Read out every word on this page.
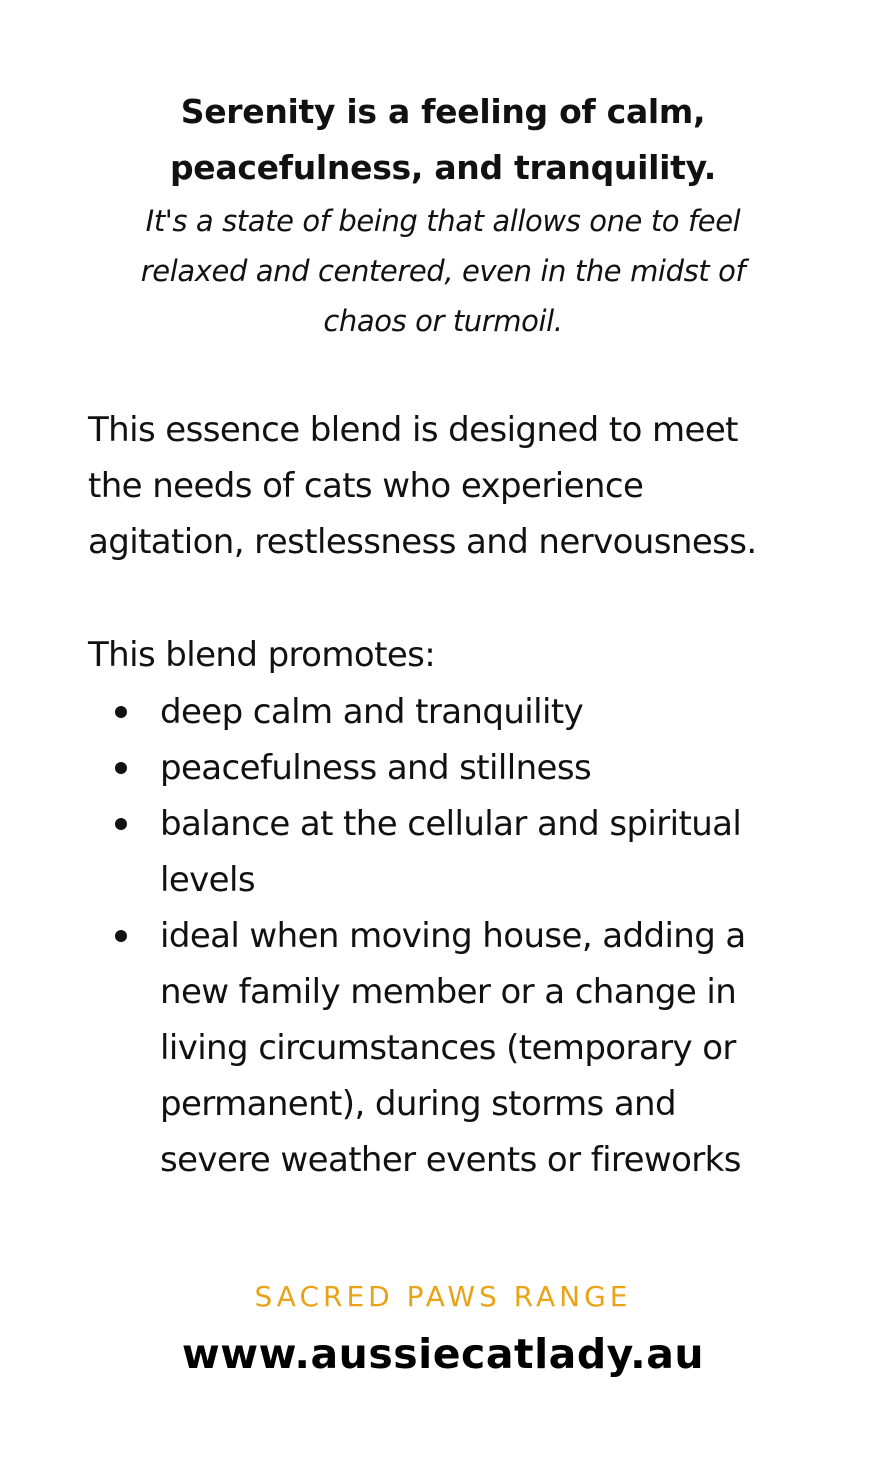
Serenity is a feeling of calm,
peacefulness, and tranquility.

It's a state of being that allows one to feel
relaxed and centered, even in the midst of
chaos or turmoil.

This essence blend is designed to meet
the needs of cats who experience
agitation, restlessness and nervousness.

This blend promotes:

deep calm and tranquility
peacefulness and stillness
balance at the cellular and spiritual
levels
ideal when moving house, adding a
new family member or a change in
living circumstances (temporary or
permanent), during storms and
severe weather events or fireworks

SACRED PAWS RANGE

www.aussiecatlady.au
